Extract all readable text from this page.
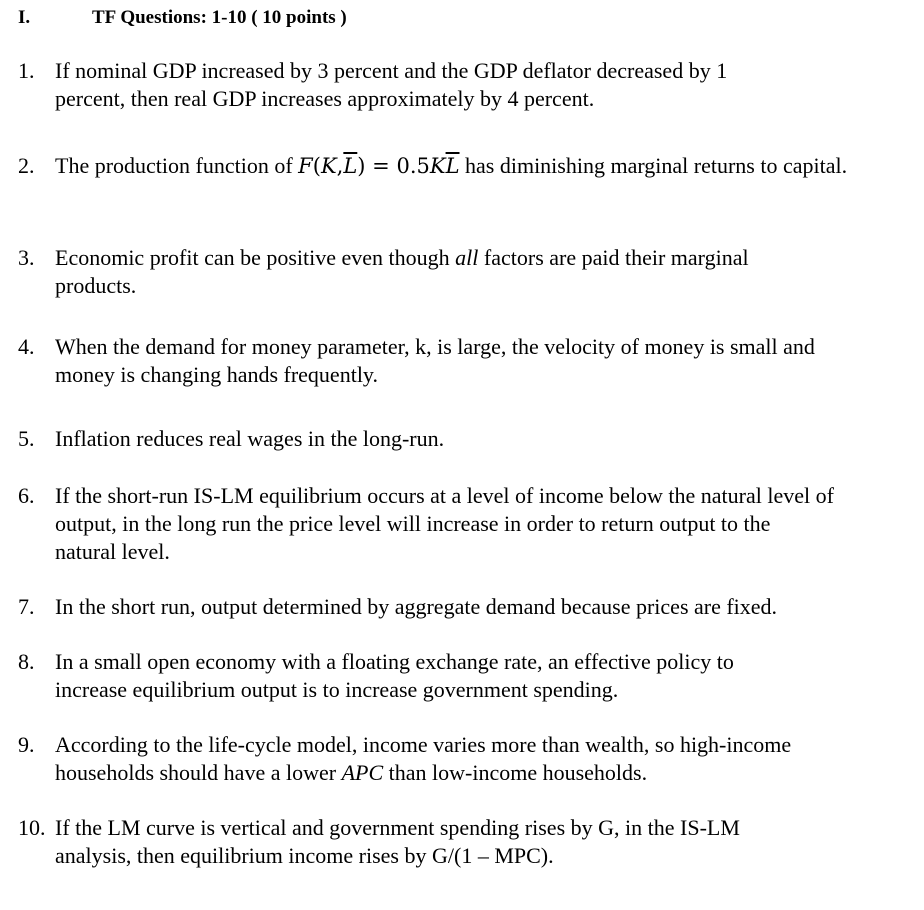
I.	TF Questions: 1-10 ( 10 points )
1. If nominal GDP increased by 3 percent and the GDP deflator decreased by 1 percent, then real GDP increases approximately by 4 percent.
2. The production function of $F(K,\overline{L}) = 0.5K\overline{L}$ has diminishing marginal returns to capital.
3. Economic profit can be positive even though all factors are paid their marginal products.
4. When the demand for money parameter, k, is large, the velocity of money is small and money is changing hands frequently.
5. Inflation reduces real wages in the long-run.
6. If the short-run IS-LM equilibrium occurs at a level of income below the natural level of output, in the long run the price level will increase in order to return output to the natural level.
7. In the short run, output determined by aggregate demand because prices are fixed.
8. In a small open economy with a floating exchange rate, an effective policy to increase equilibrium output is to increase government spending.
9. According to the life-cycle model, income varies more than wealth, so high-income households should have a lower APC than low-income households.
10. If the LM curve is vertical and government spending rises by G, in the IS-LM analysis, then equilibrium income rises by G/(1 – MPC).
